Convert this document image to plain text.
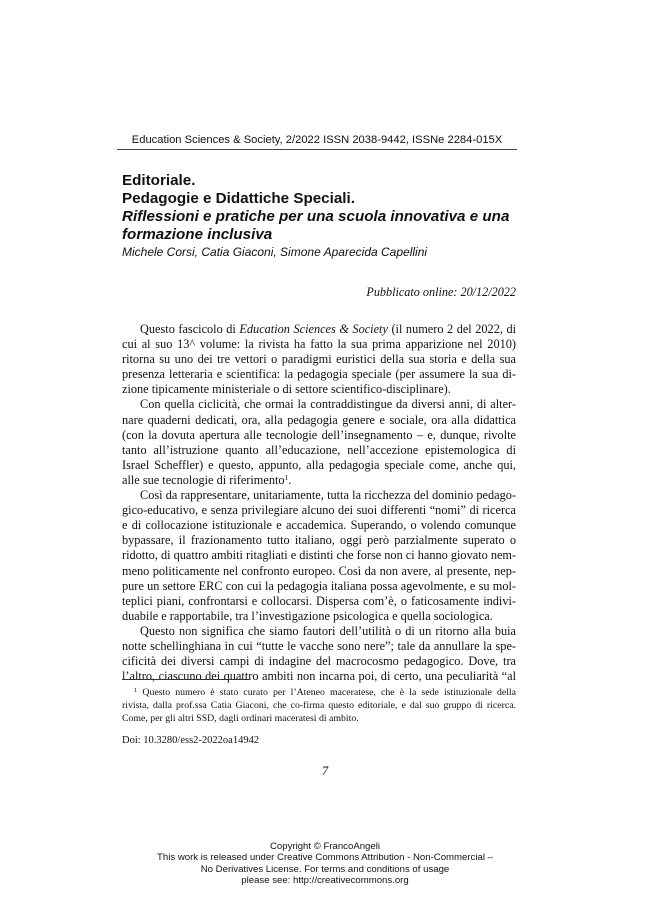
Education Sciences & Society, 2/2022 ISSN 2038-9442, ISSNe 2284-015X
Editoriale.
Pedagogie e Didattiche Speciali.
Riflessioni e pratiche per una scuola innovativa e una
formazione inclusiva
Michele Corsi, Catia Giaconi, Simone Aparecida Capellini
Pubblicato online: 20/12/2022
Questo fascicolo di Education Sciences & Society (il numero 2 del 2022, di
cui al suo 13^ volume: la rivista ha fatto la sua prima apparizione nel 2010)
ritorna su uno dei tre vettori o paradigmi euristici della sua storia e della sua
presenza letteraria e scientifica: la pedagogia speciale (per assumere la sua di-
zione tipicamente ministeriale o di settore scientifico-disciplinare).
Con quella ciclicità, che ormai la contraddistingue da diversi anni, di alter-
nare quaderni dedicati, ora, alla pedagogia genere e sociale, ora alla didattica
(con la dovuta apertura alle tecnologie dell’insegnamento – e, dunque, rivolte
tanto all’istruzione quanto all’educazione, nell’accezione epistemologica di
Israel Scheffler) e questo, appunto, alla pedagogia speciale come, anche qui,
alle sue tecnologie di riferimento$^1$.
Così da rappresentare, unitariamente, tutta la ricchezza del dominio pedago-
gico-educativo, e senza privilegiare alcuno dei suoi differenti “nomi” di ricerca
e di collocazione istituzionale e accademica. Superando, o volendo comunque
bypassare, il frazionamento tutto italiano, oggi però parzialmente superato o
ridotto, di quattro ambiti ritagliati e distinti che forse non ci hanno giovato nem-
meno politicamente nel confronto europeo. Così da non avere, al presente, nep-
pure un settore ERC con cui la pedagogia italiana possa agevolmente, e su mol-
teplici piani, confrontarsi e collocarsi. Dispersa com’è, o faticosamente indivi-
duabile e rapportabile, tra l’investigazione psicologica e quella sociologica.
Questo non significa che siamo fautori dell’utilità o di un ritorno alla buia
notte schellinghiana in cui “tutte le vacche sono nere”; tale da annullare la spe-
cificità dei diversi campi di indagine del macrocosmo pedagogico. Dove, tra
l’altro, ciascuno dei quattro ambiti non incarna poi, di certo, una peculiarità “al
$^1$ Questo numero è stato curato per l’Ateneo maceratese, che è la sede istituzionale della
rivista, dalla prof.ssa Catia Giaconi, che co-firma questo editoriale, e dal suo gruppo di ricerca.
Come, per gli altri SSD, dagli ordinari maceratesi di ambito.
Doi: 10.3280/ess2-2022oa14942
7
Copyright © FrancoAngeli
This work is released under Creative Commons Attribution - Non-Commercial –
No Derivatives License. For terms and conditions of usage
please see: http://creativecommons.org
